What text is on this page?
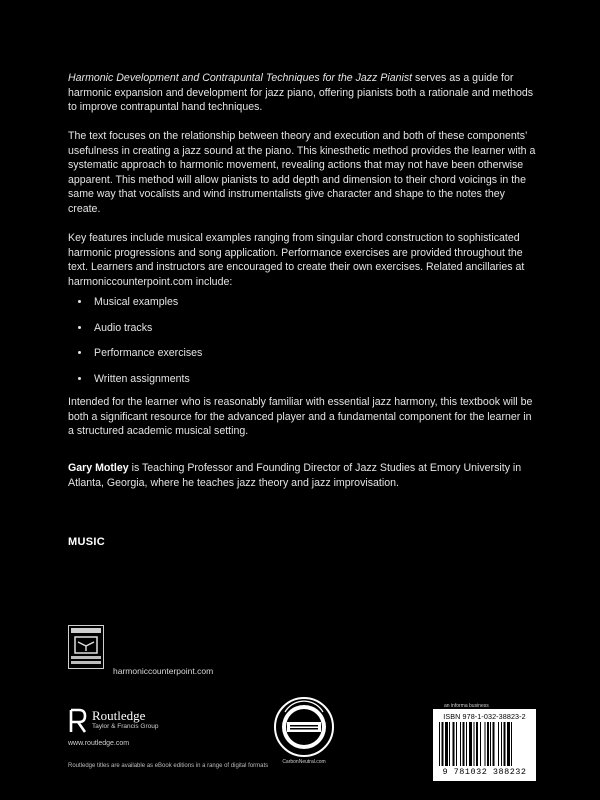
Harmonic Development and Contrapuntal Techniques for the Jazz Pianist serves as a guide for harmonic expansion and development for jazz piano, offering pianists both a rationale and methods to improve contrapuntal hand techniques.

The text focuses on the relationship between theory and execution and both of these components’ usefulness in creating a jazz sound at the piano. This kinesthetic method provides the learner with a systematic approach to harmonic movement, revealing actions that may not have been otherwise apparent. This method will allow pianists to add depth and dimension to their chord voicings in the same way that vocalists and wind instrumentalists give character and shape to the notes they create.

Key features include musical examples ranging from singular chord construction to sophisticated harmonic progressions and song application. Performance exercises are provided throughout the text. Learners and instructors are encouraged to create their own exercises. Related ancillaries at harmoniccounterpoint.com include:

Musical examples
Audio tracks
Performance exercises
Written assignments

Intended for the learner who is reasonably familiar with essential jazz harmony, this textbook will be both a significant resource for the advanced player and a fundamental component for the learner in a structured academic musical setting.

Gary Motley is Teaching Professor and Founding Director of Jazz Studies at Emory University in Atlanta, Georgia, where he teaches jazz theory and jazz improvisation.

MUSIC
harmoniccounterpoint.com
Routledge
Taylor & Francis Group
www.routledge.com
Routledge titles are available as eBook editions in a range of digital formats
CarbonNeutral.com
an informa business
ISBN 978-1-032-38823-2
9 781032 388232
